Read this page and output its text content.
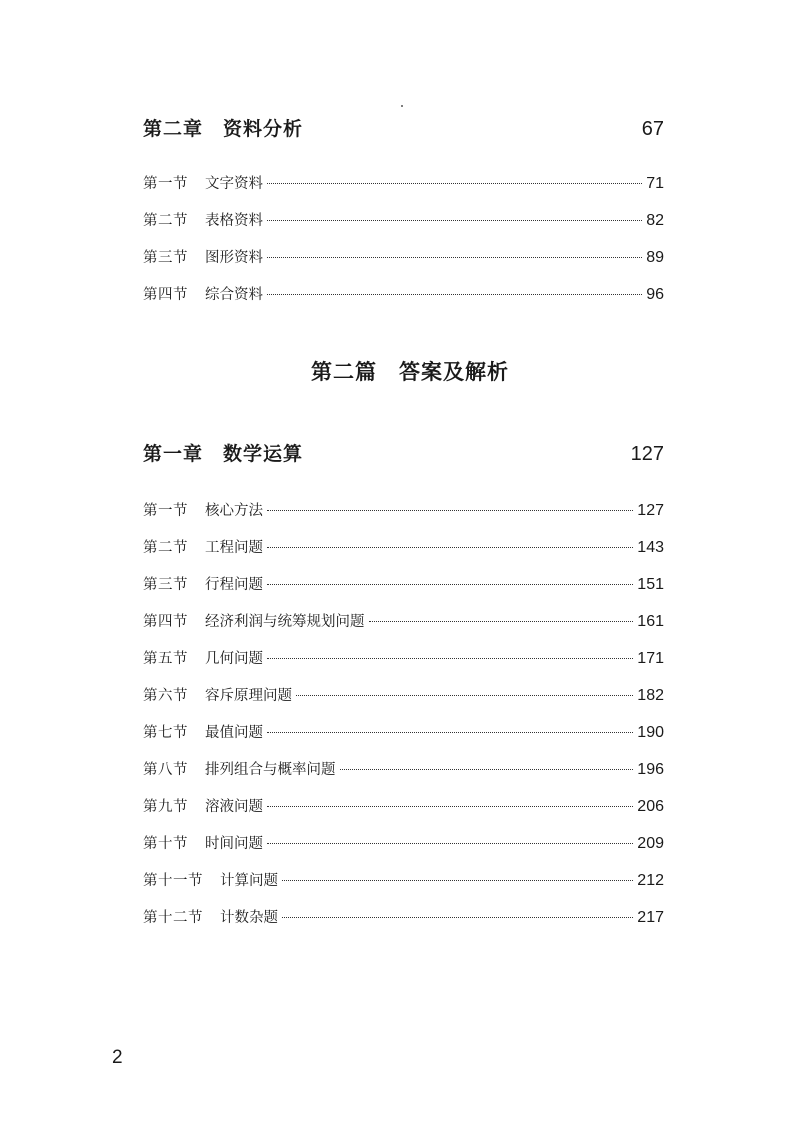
第二章 资料分析	67
第一节 文字资料	71
第二节 表格资料	82
第三节 图形资料	89
第四节 综合资料	96
第二篇 答案及解析
第一章 数学运算	127
第一节 核心方法	127
第二节 工程问题	143
第三节 行程问题	151
第四节 经济利润与统筹规划问题	161
第五节 几何问题	171
第六节 容斥原理问题	182
第七节 最值问题	190
第八节 排列组合与概率问题	196
第九节 溶液问题	206
第十节 时间问题	209
第十一节 计算问题	212
第十二节 计数杂题	217
2
